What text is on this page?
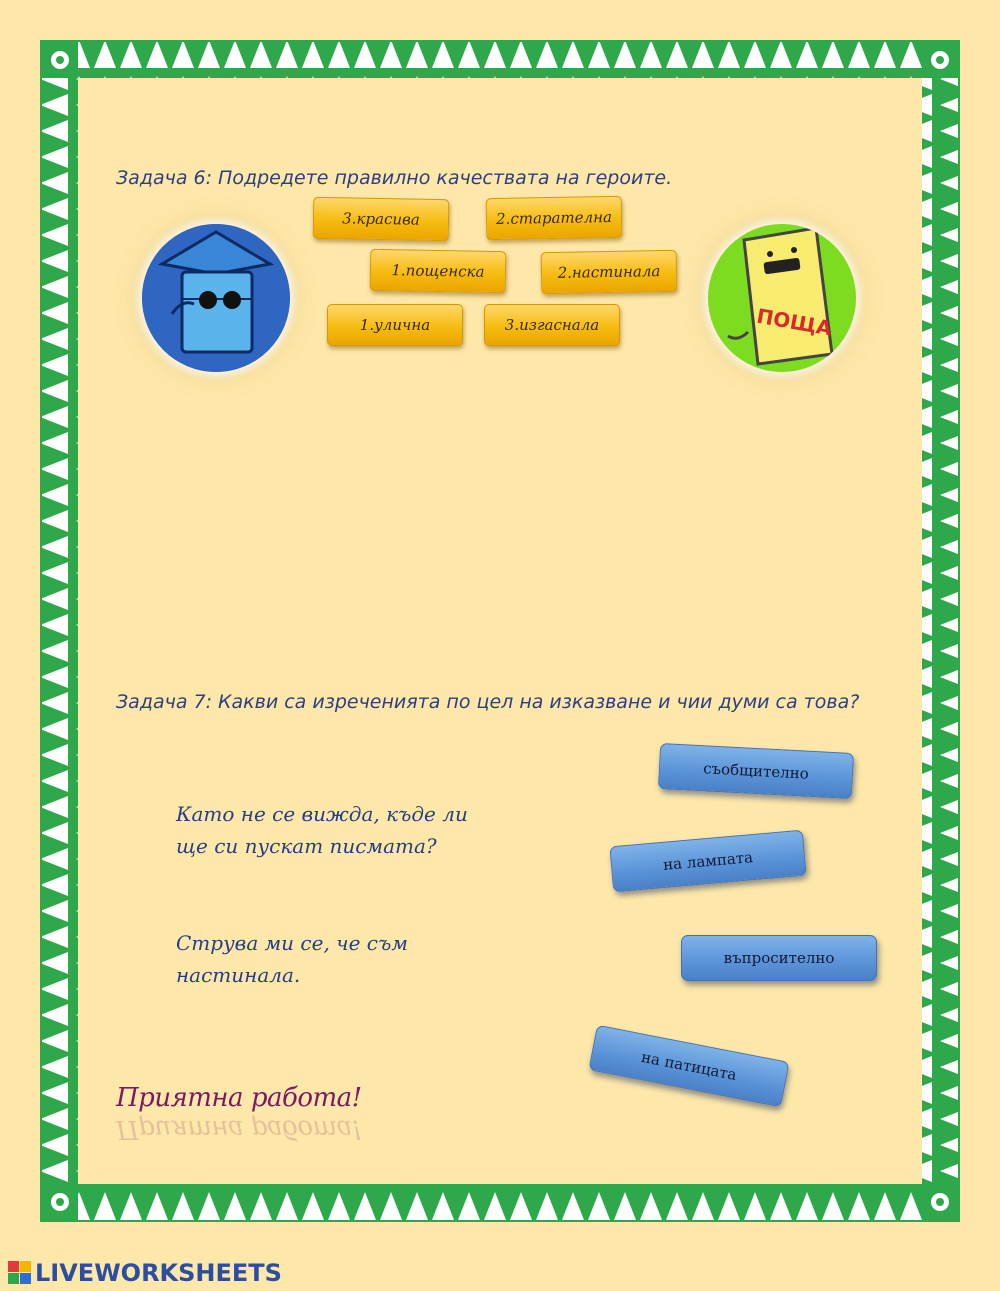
Задача 6: Подредете правилно качествата на героите.
ПОЩА
3.красива	2.старателна
1.пощенска	2.настинала
1.улична	3.изгаснала
Задача 7: Какви са изреченията по цел на изказване и чии думи са това?

Като не се вижда, къде ли
ще си пускат писмата?

Струва ми се, че съм
настинала.

съобщително
на лампата
въпросително
на патицата

Приятна работа!

Приятна работа!

LIVEWORKSHEETS
